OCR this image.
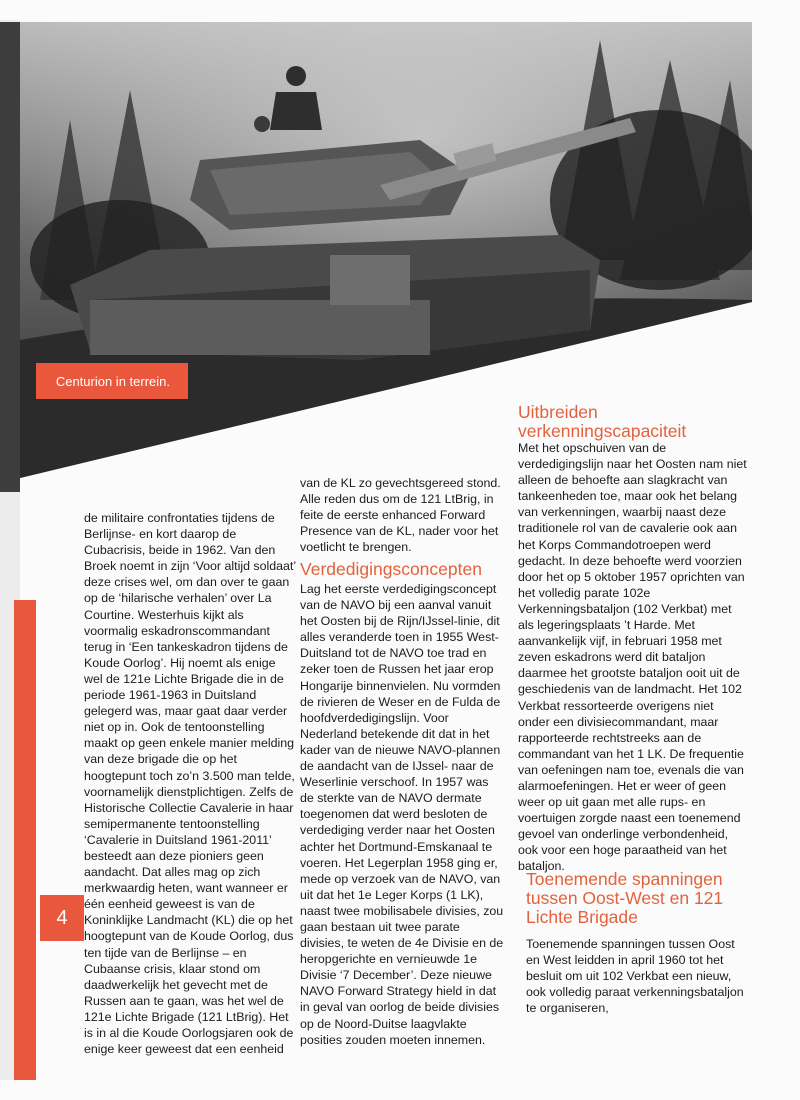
Centurion in terrein.
4

de militaire confrontaties tijdens de Berlijnse- en kort daarop de Cubacrisis, beide in 1962. Van den Broek noemt in zijn ‘Voor altijd soldaat’ deze crises wel, om dan over te gaan op de ‘hilarische verhalen’ over La Courtine. Westerhuis kijkt als voormalig eskadronscommandant terug in ‘Een tankeskadron tijdens de Koude Oorlog’. Hij noemt als enige wel de 121e Lichte Brigade die in de periode 1961-1963 in Duitsland gelegerd was, maar gaat daar verder niet op in. Ook de tentoonstelling maakt op geen enkele manier melding van deze brigade die op het hoogtepunt toch zo’n 3.500 man telde, voornamelijk dienstplichtigen. Zelfs de Historische Collectie Cavalerie in haar semipermanente tentoonstelling ‘Cavalerie in Duitsland 1961-2011’ besteedt aan deze pioniers geen aandacht. Dat alles mag op zich merkwaardig heten, want wanneer er één eenheid geweest is van de Koninklijke Landmacht (KL) die op het hoogtepunt van de Koude Oorlog, dus ten tijde van de Berlijnse – en Cubaanse crisis, klaar stond om daadwerkelijk het gevecht met de Russen aan te gaan, was het wel de 121e Lichte Brigade (121 LtBrig). Het is in al die Koude Oorlogsjaren ook de enige keer geweest dat een eenheid

van de KL zo gevechtsgereed stond. Alle reden dus om de 121 LtBrig, in feite de eerste enhanced Forward Presence van de KL, nader voor het voetlicht te brengen.

Verdedigingsconcepten

Lag het eerste verdedigingsconcept van de NAVO bij een aanval vanuit het Oosten bij de Rijn/IJssel-linie, dit alles veranderde toen in 1955 West-Duitsland tot de NAVO toe trad en zeker toen de Russen het jaar erop Hongarije binnenvielen. Nu vormden de rivieren de Weser en de Fulda de hoofdverdedigingslijn. Voor Nederland betekende dit dat in het kader van de nieuwe NAVO-plannen de aandacht van de IJssel- naar de Weserlinie verschoof. In 1957 was de sterkte van de NAVO dermate toegenomen dat werd besloten de verdediging verder naar het Oosten achter het Dortmund-Emskanaal te voeren. Het Legerplan 1958 ging er, mede op verzoek van de NAVO, van uit dat het 1e Leger Korps (1 LK), naast twee mobilisabele divisies, zou gaan bestaan uit twee parate divisies, te weten de 4e Divisie en de heropgerichte en vernieuwde 1e Divisie ‘7 December’. Deze nieuwe NAVO Forward Strategy hield in dat in geval van oorlog de beide divisies op de Noord-Duitse laagvlakte posities zouden moeten innemen.

Uitbreiden verkenningscapaciteit

Met het opschuiven van de verdedigingslijn naar het Oosten nam niet alleen de behoefte aan slagkracht van tankeenheden toe, maar ook het belang van verkenningen, waarbij naast deze traditionele rol van de cavalerie ook aan het Korps Commandotroepen werd gedacht. In deze behoefte werd voorzien door het op 5 oktober 1957 oprichten van het volledig parate 102e Verkenningsbataljon (102 Verkbat) met als legeringsplaats ’t Harde. Met aanvankelijk vijf, in februari 1958 met zeven eskadrons werd dit bataljon daarmee het grootste bataljon ooit uit de geschiedenis van de landmacht. Het 102 Verkbat ressorteerde overigens niet onder een divisiecommandant, maar rapporteerde rechtstreeks aan de commandant van het 1 LK. De frequentie van oefeningen nam toe, evenals die van alarmoefeningen. Het er weer of geen weer op uit gaan met alle rups- en voertuigen zorgde naast een toenemend gevoel van onderlinge verbondenheid, ook voor een hoge paraatheid van het bataljon.

Toenemende spanningen tussen Oost-West en 121 Lichte Brigade

Toenemende spanningen tussen Oost en West leidden in april 1960 tot het besluit om uit 102 Verkbat een nieuw, ook volledig paraat verkenningsbataljon te organiseren,
